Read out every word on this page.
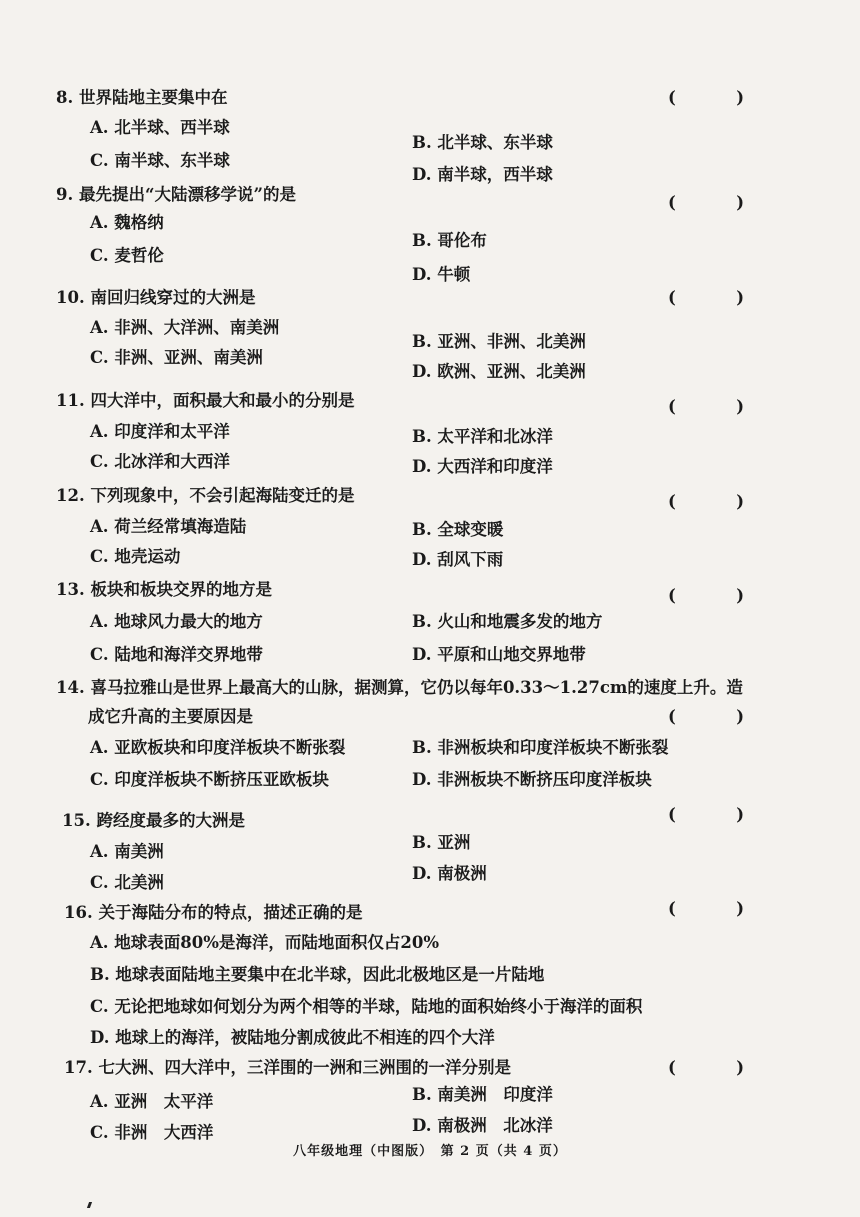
8. 世界陆地主要集中在	(	)
A. 北半球、西半球
B. 北半球、东半球
C. 南半球、东半球
D. 南半球，西半球
9. 最先提出“大陆漂移学说”的是	(	)
A. 魏格纳
B. 哥伦布
C. 麦哲伦
D. 牛顿
10. 南回归线穿过的大洲是	(	)
A. 非洲、大洋洲、南美洲
B. 亚洲、非洲、北美洲
C. 非洲、亚洲、南美洲
D. 欧洲、亚洲、北美洲
11. 四大洋中，面积最大和最小的分别是	(	)
A. 印度洋和太平洋	B. 太平洋和北冰洋
C. 北冰洋和大西洋	D. 大西洋和印度洋
12. 下列现象中，不会引起海陆变迁的是	(	)
A. 荷兰经常填海造陆	B. 全球变暖
C. 地壳运动	D. 刮风下雨
13. 板块和板块交界的地方是	(	)
A. 地球风力最大的地方	B. 火山和地震多发的地方
C. 陆地和海洋交界地带	D. 平原和山地交界地带
14. 喜马拉雅山是世界上最高大的山脉，据测算，它仍以每年0.33～1.27cm的速度上升。造
成它升高的主要原因是	(	)
A. 亚欧板块和印度洋板块不断张裂	B. 非洲板块和印度洋板块不断张裂
C. 印度洋板块不断挤压亚欧板块	D. 非洲板块不断挤压印度洋板块
15. 跨经度最多的大洲是	(	)
B. 亚洲
A. 南美洲
D. 南极洲
C. 北美洲
16. 关于海陆分布的特点，描述正确的是	(	)
A. 地球表面80%是海洋，而陆地面积仅占20%
B. 地球表面陆地主要集中在北半球，因此北极地区是一片陆地
C. 无论把地球如何划分为两个相等的半球，陆地的面积始终小于海洋的面积
D. 地球上的海洋，被陆地分割成彼此不相连的四个大洋
17. 七大洲、四大洋中，三洋围的一洲和三洲围的一洋分别是	(	)
B. 南美洲　印度洋
A. 亚洲　太平洋
D. 南极洲　北冰洋
C. 非洲　大西洋
八年级地理（中图版）　第 2 页（共 4 页）
